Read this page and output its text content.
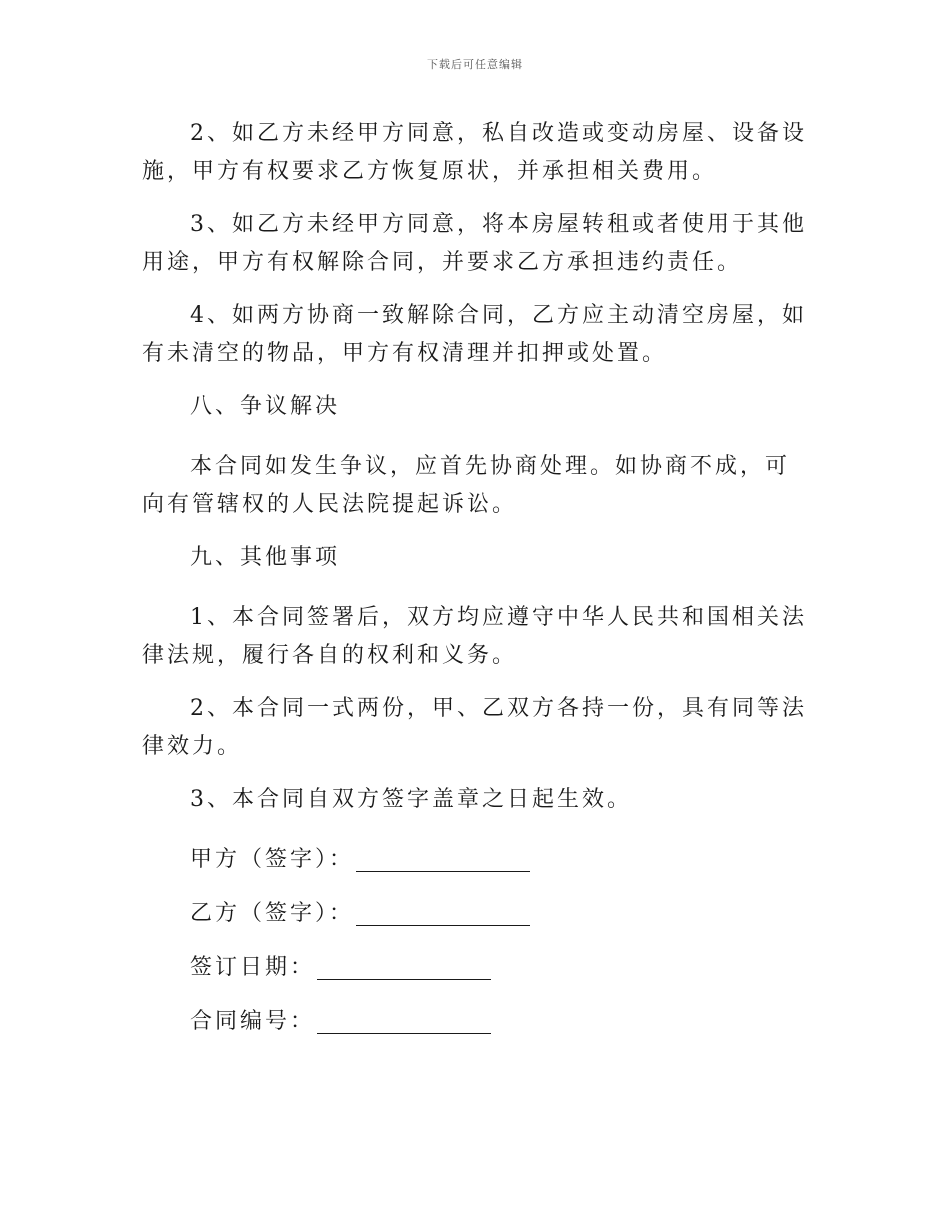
下载后可任意编辑

2、如乙方未经甲方同意，私自改造或变动房屋、设备设施，甲方有权要求乙方恢复原状，并承担相关费用。

3、如乙方未经甲方同意，将本房屋转租或者使用于其他用途，甲方有权解除合同，并要求乙方承担违约责任。

4、如两方协商一致解除合同，乙方应主动清空房屋，如有未清空的物品，甲方有权清理并扣押或处置。

八、争议解决

本合同如发生争议，应首先协商处理。如协商不成，可向有管辖权的人民法院提起诉讼。

九、其他事项

1、本合同签署后，双方均应遵守中华人民共和国相关法律法规，履行各自的权利和义务。

2、本合同一式两份，甲、乙双方各持一份，具有同等法律效力。

3、本合同自双方签字盖章之日起生效。

甲方（签字）：

乙方（签字）：

签订日期：

合同编号：
